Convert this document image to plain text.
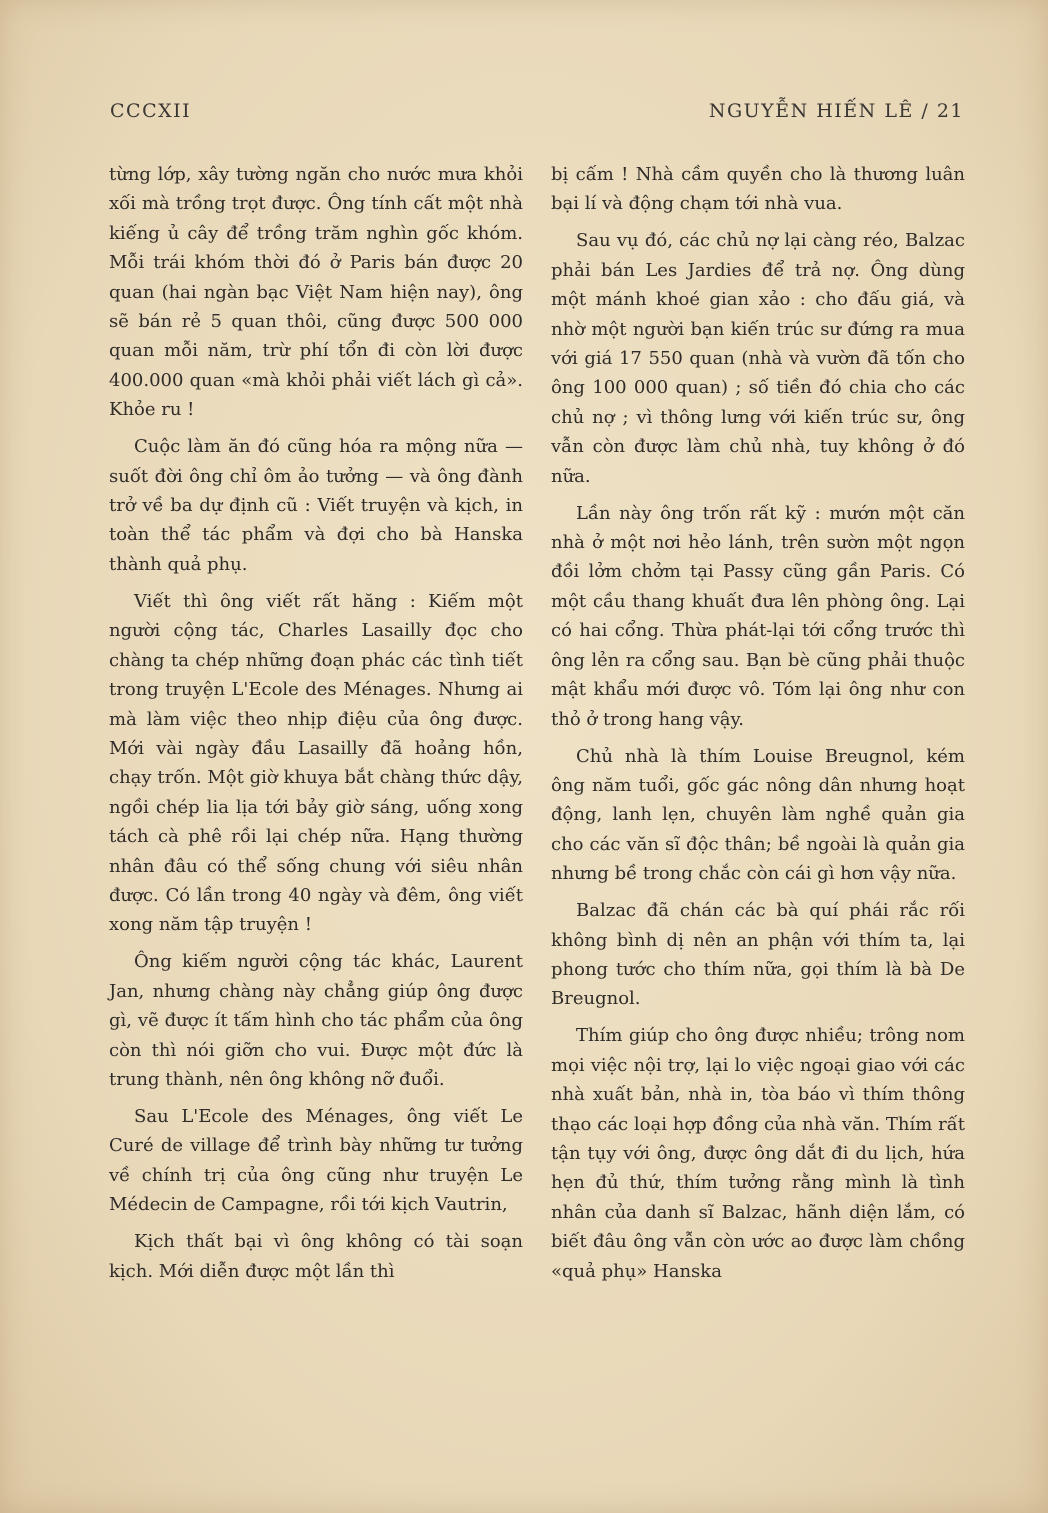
CCCXII	NGUYỄN HIẾN LÊ / 21

từng lớp, xây tường ngăn cho nước mưa khỏi xối mà trồng trọt được. Ông tính cất một nhà kiếng ủ cây để trồng trăm nghìn gốc khóm. Mỗi trái khóm thời đó ở Paris bán được 20 quan (hai ngàn bạc Việt Nam hiện nay), ông sẽ bán rẻ 5 quan thôi, cũng được 500 000 quan mỗi năm, trừ phí tổn đi còn lời được 400.000 quan «mà khỏi phải viết lách gì cả». Khỏe ru !

Cuộc làm ăn đó cũng hóa ra mộng nữa — suốt đời ông chỉ ôm ảo tưởng — và ông đành trở về ba dự định cũ : Viết truyện và kịch, in toàn thể tác phẩm và đợi cho bà Hanska thành quả phụ.

Viết thì ông viết rất hăng : Kiếm một người cộng tác, Charles Lasailly đọc cho chàng ta chép những đoạn phác các tình tiết trong truyện L'Ecole des Ménages. Nhưng ai mà làm việc theo nhịp điệu của ông được. Mới vài ngày đầu Lasailly đã hoảng hồn, chạy trốn. Một giờ khuya bắt chàng thức dậy, ngồi chép lia lịa tới bảy giờ sáng, uống xong tách cà phê rồi lại chép nữa. Hạng thường nhân đâu có thể sống chung với siêu nhân được. Có lần trong 40 ngày và đêm, ông viết xong năm tập truyện !

Ông kiếm người cộng tác khác, Laurent Jan, nhưng chàng này chẳng giúp ông được gì, vẽ được ít tấm hình cho tác phẩm của ông còn thì nói giỡn cho vui. Được một đức là trung thành, nên ông không nỡ đuổi.

Sau L'Ecole des Ménages, ông viết Le Curé de village để trình bày những tư tưởng về chính trị của ông cũng như truyện Le Médecin de Campagne, rồi tới kịch Vautrin,

Kịch thất bại vì ông không có tài soạn kịch. Mới diễn được một lần thì

bị cấm ! Nhà cầm quyền cho là thương luân bại lí và động chạm tới nhà vua.

Sau vụ đó, các chủ nợ lại càng réo, Balzac phải bán Les Jardies để trả nợ. Ông dùng một mánh khoé gian xảo : cho đấu giá, và nhờ một người bạn kiến trúc sư đứng ra mua với giá 17 550 quan (nhà và vườn đã tốn cho ông 100 000 quan) ; số tiền đó chia cho các chủ nợ ; vì thông lưng với kiến trúc sư, ông vẫn còn được làm chủ nhà, tuy không ở đó nữa.

Lần này ông trốn rất kỹ : mướn một căn nhà ở một nơi hẻo lánh, trên sườn một ngọn đồi lởm chởm tại Passy cũng gần Paris. Có một cầu thang khuất đưa lên phòng ông. Lại có hai cổng. Thừa phát-lại tới cổng trước thì ông lẻn ra cổng sau. Bạn bè cũng phải thuộc mật khẩu mới được vô. Tóm lại ông như con thỏ ở trong hang vậy.

Chủ nhà là thím Louise Breugnol, kém ông năm tuổi, gốc gác nông dân nhưng hoạt động, lanh lẹn, chuyên làm nghề quản gia cho các văn sĩ độc thân; bề ngoài là quản gia nhưng bề trong chắc còn cái gì hơn vậy nữa.

Balzac đã chán các bà quí phái rắc rối không bình dị nên an phận với thím ta, lại phong tước cho thím nữa, gọi thím là bà De Breugnol.

Thím giúp cho ông được nhiều; trông nom mọi việc nội trợ, lại lo việc ngoại giao với các nhà xuất bản, nhà in, tòa báo vì thím thông thạo các loại hợp đồng của nhà văn. Thím rất tận tụy với ông, được ông dắt đi du lịch, hứa hẹn đủ thứ, thím tưởng rằng mình là tình nhân của danh sĩ Balzac, hãnh diện lắm, có biết đâu ông vẫn còn ước ao được làm chồng «quả phụ» Hanska
